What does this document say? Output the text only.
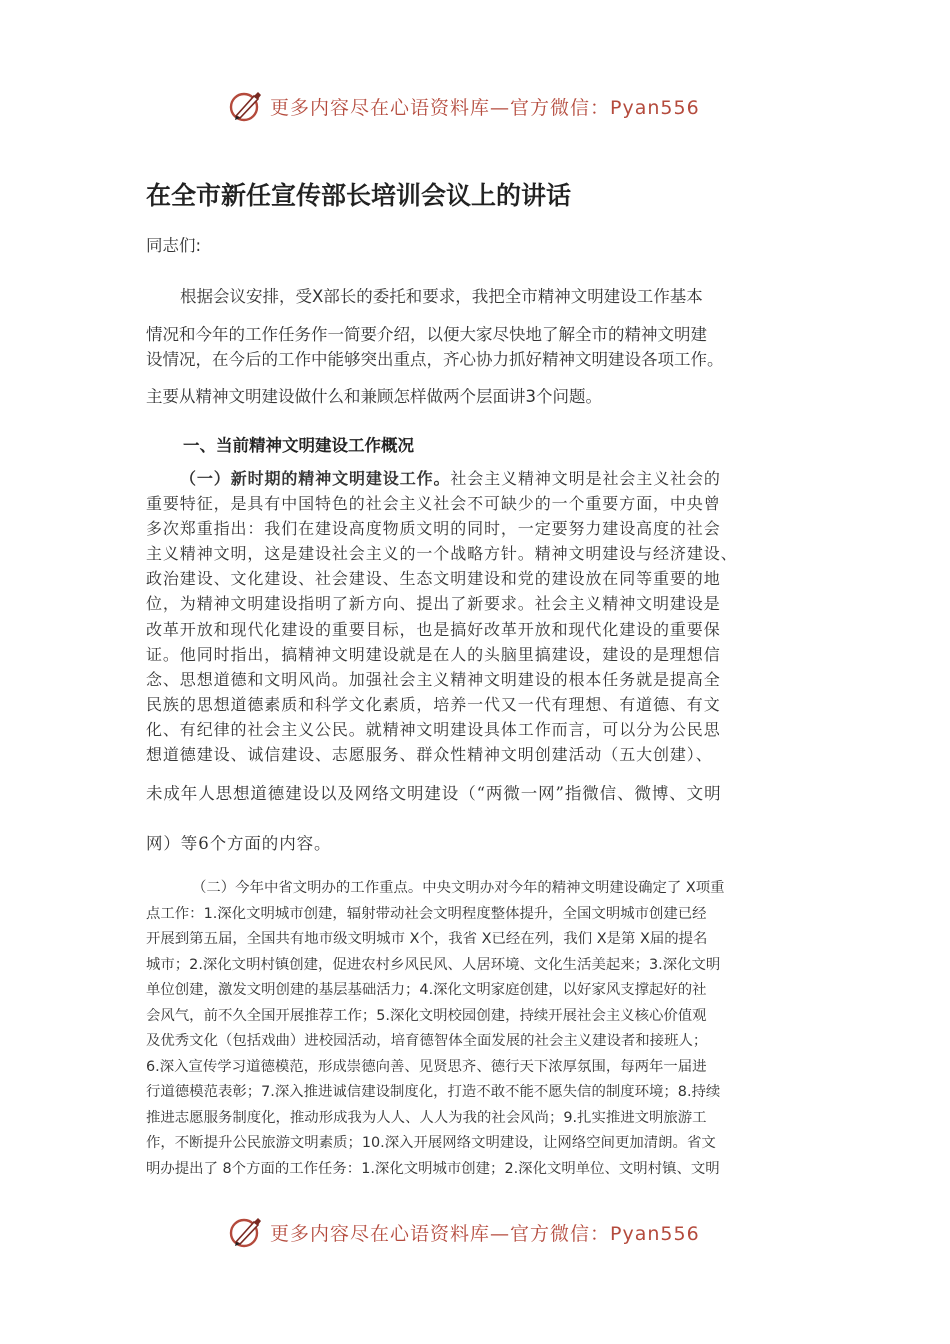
更多内容尽在心语资料库—官方微信：Pyan556
在全市新任宣传部长培训会议上的讲话
同志们:
根据会议安排，受X部长的委托和要求，我把全市精神文明建设工作基本
情况和今年的工作任务作一简要介绍，以便大家尽快地了解全市的精神文明建
设情况，在今后的工作中能够突出重点，齐心协力抓好精神文明建设各项工作。
主要从精神文明建设做什么和兼顾怎样做两个层面讲3个问题。
一、当前精神文明建设工作概况
（一）新时期的精神文明建设工作。社会主义精神文明是社会主义社会的
重要特征，是具有中国特色的社会主义社会不可缺少的一个重要方面，中央曾
多次郑重指出：我们在建设高度物质文明的同时，一定要努力建设高度的社会
主义精神文明，这是建设社会主义的一个战略方针。精神文明建设与经济建设、
政治建设、文化建设、社会建设、生态文明建设和党的建设放在同等重要的地
位，为精神文明建设指明了新方向、提出了新要求。社会主义精神文明建设是
改革开放和现代化建设的重要目标，也是搞好改革开放和现代化建设的重要保
证。他同时指出，搞精神文明建设就是在人的头脑里搞建设，建设的是理想信
念、思想道德和文明风尚。加强社会主义精神文明建设的根本任务就是提高全
民族的思想道德素质和科学文化素质，培养一代又一代有理想、有道德、有文
化、有纪律的社会主义公民。就精神文明建设具体工作而言，可以分为公民思
想道德建设、诚信建设、志愿服务、群众性精神文明创建活动（五大创建）、
未成年人思想道德建设以及网络文明建设（“两微一网”指微信、微博、文明
网）等6个方面的内容。
（二）今年中省文明办的工作重点。中央文明办对今年的精神文明建设确定了 X项重
点工作：1.深化文明城市创建，辐射带动社会文明程度整体提升，全国文明城市创建已经
开展到第五届，全国共有地市级文明城市 X个，我省 X已经在列，我们 X是第 X届的提名
城市；2.深化文明村镇创建，促进农村乡风民风、人居环境、文化生活美起来；3.深化文明
单位创建，激发文明创建的基层基础活力；4.深化文明家庭创建，以好家风支撑起好的社
会风气，前不久全国开展推荐工作；5.深化文明校园创建，持续开展社会主义核心价值观
及优秀文化（包括戏曲）进校园活动，培育德智体全面发展的社会主义建设者和接班人；
6.深入宣传学习道德模范，形成崇德向善、见贤思齐、德行天下浓厚氛围，每两年一届进
行道德模范表彰；7.深入推进诚信建设制度化，打造不敢不能不愿失信的制度环境；8.持续
推进志愿服务制度化，推动形成我为人人、人人为我的社会风尚；9.扎实推进文明旅游工
作，不断提升公民旅游文明素质；10.深入开展网络文明建设，让网络空间更加清朗。省文
明办提出了 8个方面的工作任务：1.深化文明城市创建；2.深化文明单位、文明村镇、文明
更多内容尽在心语资料库—官方微信：Pyan556
